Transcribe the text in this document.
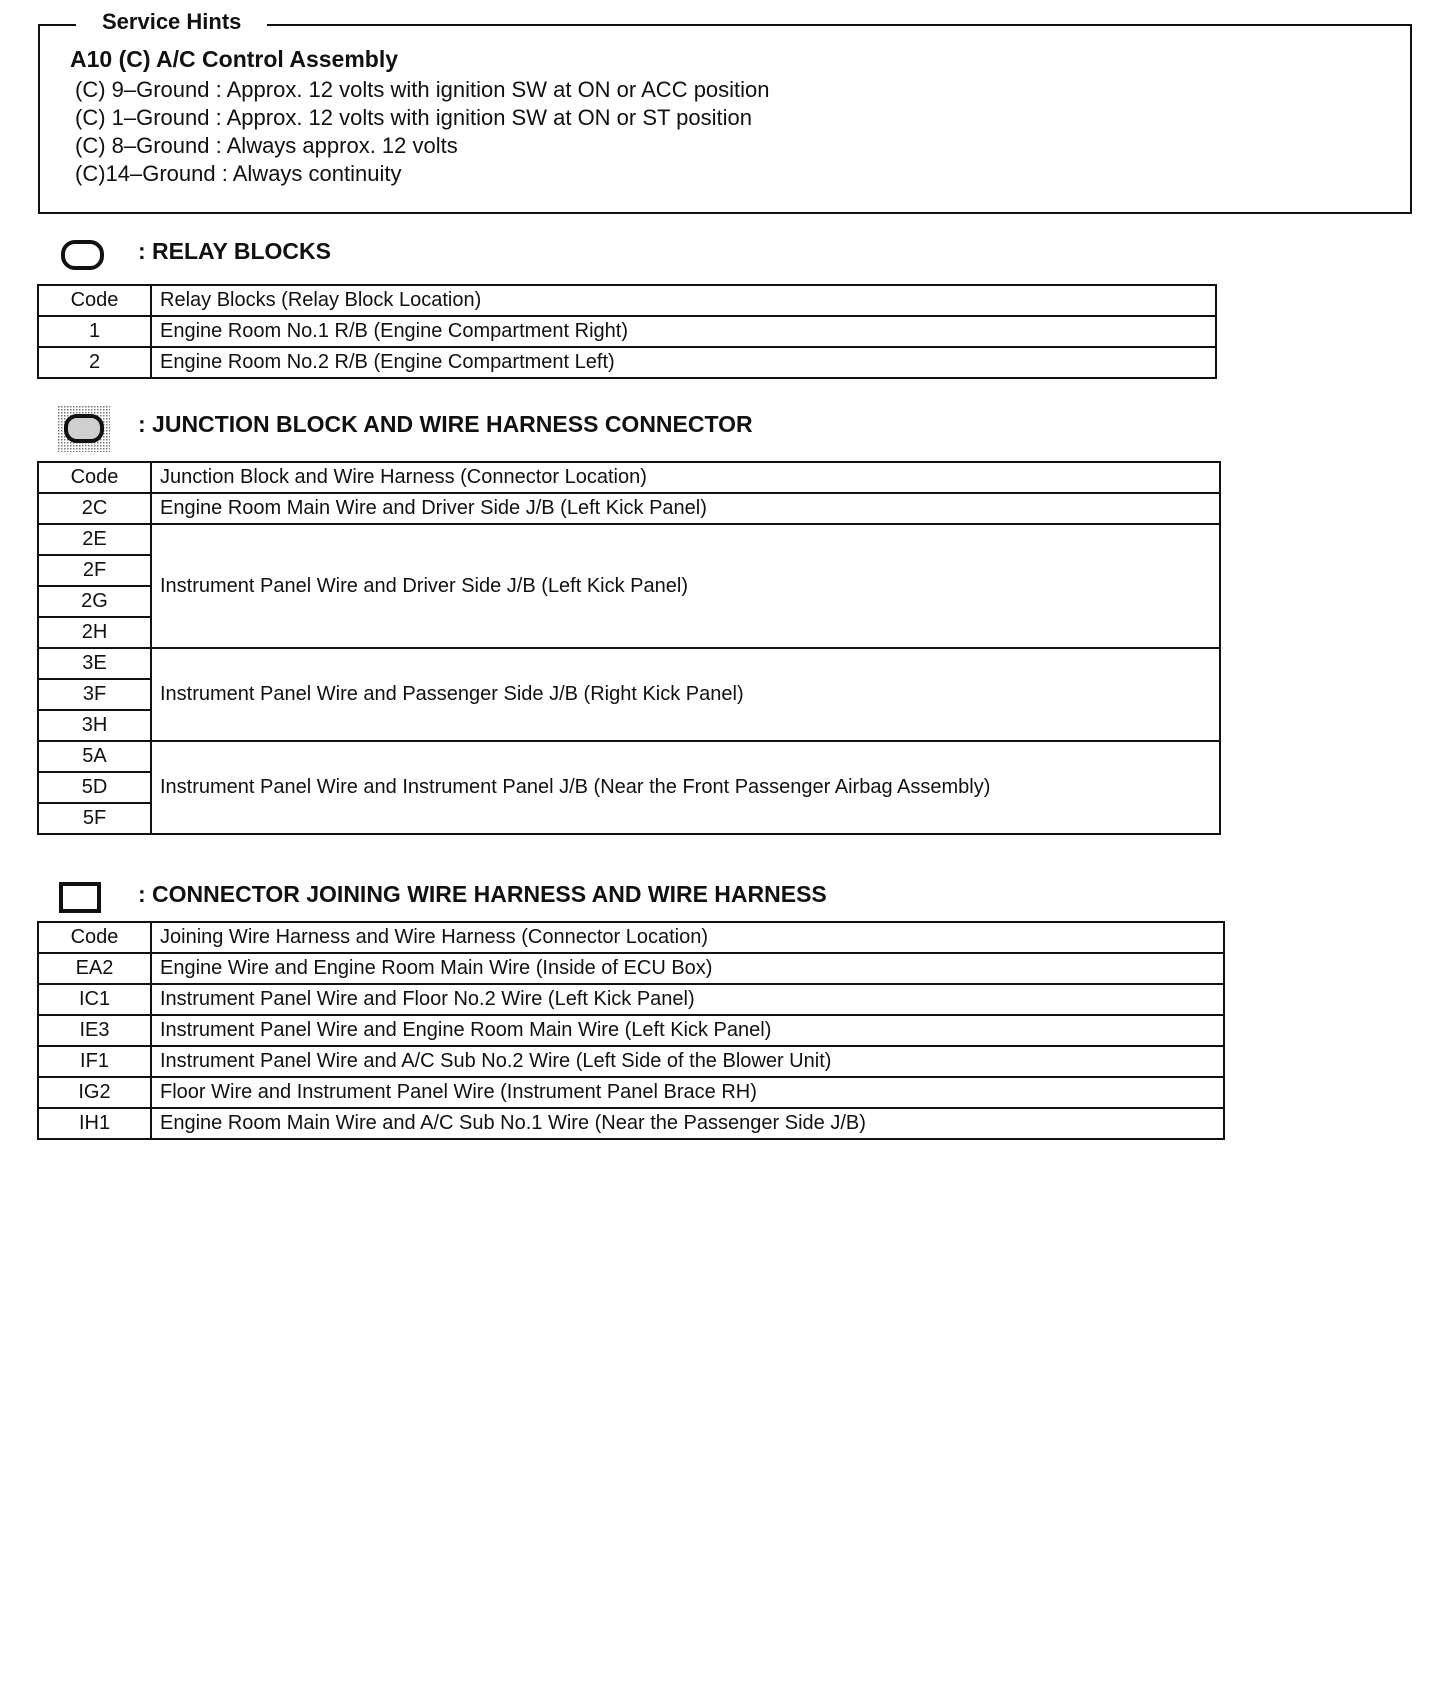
A10 (C) A/C Control Assembly
(C) 9–Ground : Approx. 12 volts with ignition SW at ON or ACC position
(C) 1–Ground : Approx. 12 volts with ignition SW at ON or ST position
(C) 8–Ground : Always approx. 12 volts
(C)14–Ground : Always continuity
Service Hints
: RELAY BLOCKS
Code	Relay Blocks (Relay Block Location)
1	Engine Room No.1 R/B (Engine Compartment Right)
2	Engine Room No.2 R/B (Engine Compartment Left)
: JUNCTION BLOCK AND WIRE HARNESS CONNECTOR
Code	Junction Block and Wire Harness (Connector Location)
2C	Engine Room Main Wire and Driver Side J/B (Left Kick Panel)
2E	Instrument Panel Wire and Driver Side J/B (Left Kick Panel)
2F	
2G	
2H	
3E	Instrument Panel Wire and Passenger Side J/B (Right Kick Panel)
3F	
3H	
5A	Instrument Panel Wire and Instrument Panel J/B (Near the Front Passenger Airbag Assembly)
5D	
5F	
: CONNECTOR JOINING WIRE HARNESS AND WIRE HARNESS
Code	Joining Wire Harness and Wire Harness (Connector Location)
EA2	Engine Wire and Engine Room Main Wire (Inside of ECU Box)
IC1	Instrument Panel Wire and Floor No.2 Wire (Left Kick Panel)
IE3	Instrument Panel Wire and Engine Room Main Wire (Left Kick Panel)
IF1	Instrument Panel Wire and A/C Sub No.2 Wire (Left Side of the Blower Unit)
IG2	Floor Wire and Instrument Panel Wire (Instrument Panel Brace RH)
IH1	Engine Room Main Wire and A/C Sub No.1 Wire (Near the Passenger Side J/B)
